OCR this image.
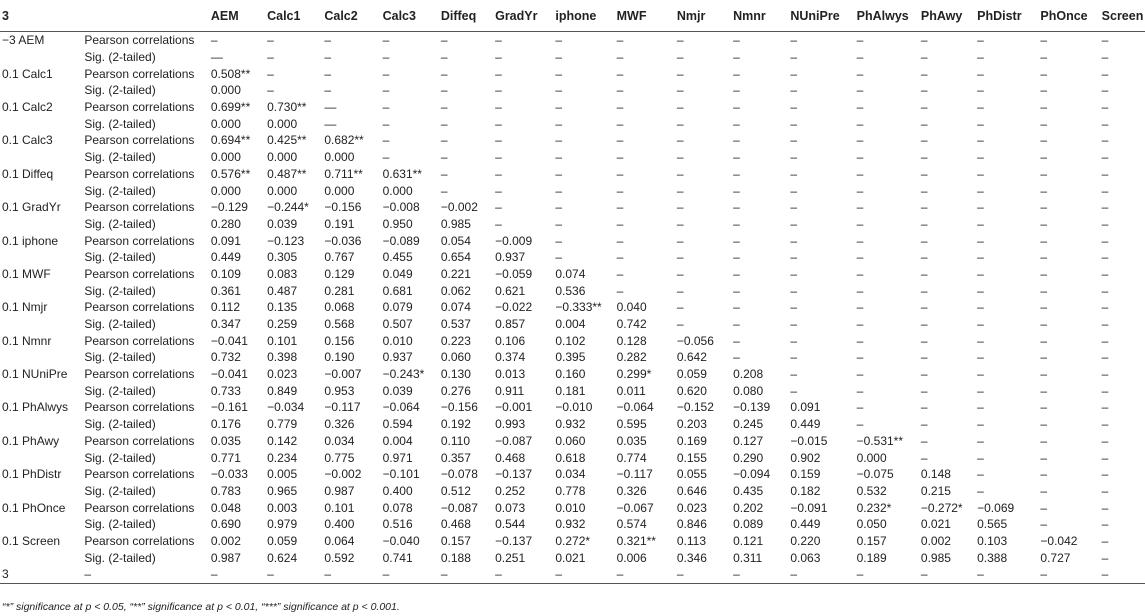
3		AEM	Calc1	Calc2	Calc3	Diffeq	GradYr	iphone	MWF	Nmjr	Nmnr	NUniPre	PhAlwys	PhAwy	PhDistr	PhOnce	Screen
−3 AEM	Pearson correlations	–	–	–	–	–	–	–	–	–	–	–	–	–	–	–	–
	Sig. (2-tailed)	—	–	–	–	–	–	–	–	–	–	–	–	–	–	–	–
0.1 Calc1	Pearson correlations	0.508**	–	–	–	–	–	–	–	–	–	–	–	–	–	–	–
	Sig. (2-tailed)	0.000	–	–	–	–	–	–	–	–	–	–	–	–	–	–	–
0.1 Calc2	Pearson correlations	0.699**	0.730**	—	–	–	–	–	–	–	–	–	–	–	–	–	–
	Sig. (2-tailed)	0.000	0.000	—	–	–	–	–	–	–	–	–	–	–	–	–	–
0.1 Calc3	Pearson correlations	0.694**	0.425**	0.682**	–	–	–	–	–	–	–	–	–	–	–	–	–
	Sig. (2-tailed)	0.000	0.000	0.000	–	–	–	–	–	–	–	–	–	–	–	–	–
0.1 Diffeq	Pearson correlations	0.576**	0.487**	0.711**	0.631**	–	–	–	–	–	–	–	–	–	–	–	–
	Sig. (2-tailed)	0.000	0.000	0.000	0.000	–	–	–	–	–	–	–	–	–	–	–	–
0.1 GradYr	Pearson correlations	−0.129	−0.244*	−0.156	−0.008	−0.002	–	–	–	–	–	–	–	–	–	–	–
	Sig. (2-tailed)	0.280	0.039	0.191	0.950	0.985	–	–	–	–	–	–	–	–	–	–	–
0.1 iphone	Pearson correlations	0.091	−0.123	−0.036	−0.089	0.054	−0.009	–	–	–	–	–	–	–	–	–	–
	Sig. (2-tailed)	0.449	0.305	0.767	0.455	0.654	0.937	–	–	–	–	–	–	–	–	–	–
0.1 MWF	Pearson correlations	0.109	0.083	0.129	0.049	0.221	−0.059	0.074	–	–	–	–	–	–	–	–	–
	Sig. (2-tailed)	0.361	0.487	0.281	0.681	0.062	0.621	0.536	–	–	–	–	–	–	–	–	–
0.1 Nmjr	Pearson correlations	0.112	0.135	0.068	0.079	0.074	−0.022	−0.333**	0.040	–	–	–	–	–	–	–	–
	Sig. (2-tailed)	0.347	0.259	0.568	0.507	0.537	0.857	0.004	0.742	–	–	–	–	–	–	–	–
0.1 Nmnr	Pearson correlations	−0.041	0.101	0.156	0.010	0.223	0.106	0.102	0.128	−0.056	–	–	–	–	–	–	–
	Sig. (2-tailed)	0.732	0.398	0.190	0.937	0.060	0.374	0.395	0.282	0.642	–	–	–	–	–	–	–
0.1 NUniPre	Pearson correlations	−0.041	0.023	−0.007	−0.243*	0.130	0.013	0.160	0.299*	0.059	0.208	–	–	–	–	–	–
	Sig. (2-tailed)	0.733	0.849	0.953	0.039	0.276	0.911	0.181	0.011	0.620	0.080	–	–	–	–	–	–
0.1 PhAlwys	Pearson correlations	−0.161	−0.034	−0.117	−0.064	−0.156	−0.001	−0.010	−0.064	−0.152	−0.139	0.091	–	–	–	–	–
	Sig. (2-tailed)	0.176	0.779	0.326	0.594	0.192	0.993	0.932	0.595	0.203	0.245	0.449	–	–	–	–	–
0.1 PhAwy	Pearson correlations	0.035	0.142	0.034	0.004	0.110	−0.087	0.060	0.035	0.169	0.127	−0.015	−0.531**	–	–	–	–
	Sig. (2-tailed)	0.771	0.234	0.775	0.971	0.357	0.468	0.618	0.774	0.155	0.290	0.902	0.000	–	–	–	–
0.1 PhDistr	Pearson correlations	−0.033	0.005	−0.002	−0.101	−0.078	−0.137	0.034	−0.117	0.055	−0.094	0.159	−0.075	0.148	–	–	–
	Sig. (2-tailed)	0.783	0.965	0.987	0.400	0.512	0.252	0.778	0.326	0.646	0.435	0.182	0.532	0.215	–	–	–
0.1 PhOnce	Pearson correlations	0.048	0.003	0.101	0.078	−0.087	0.073	0.010	−0.067	0.023	0.202	−0.091	0.232*	−0.272*	−0.069	–	–
	Sig. (2-tailed)	0.690	0.979	0.400	0.516	0.468	0.544	0.932	0.574	0.846	0.089	0.449	0.050	0.021	0.565	–	–
0.1 Screen	Pearson correlations	0.002	0.059	0.064	−0.040	0.157	−0.137	0.272*	0.321**	0.113	0.121	0.220	0.157	0.002	0.103	−0.042	–
	Sig. (2-tailed)	0.987	0.624	0.592	0.741	0.188	0.251	0.021	0.006	0.346	0.311	0.063	0.189	0.985	0.388	0.727	–
3	–	–	–	–	–	–	–	–	–	–	–	–	–	–	–	–	–
“*” significance at p < 0.05, “**” significance at p < 0.01, “***” significance at p < 0.001.
